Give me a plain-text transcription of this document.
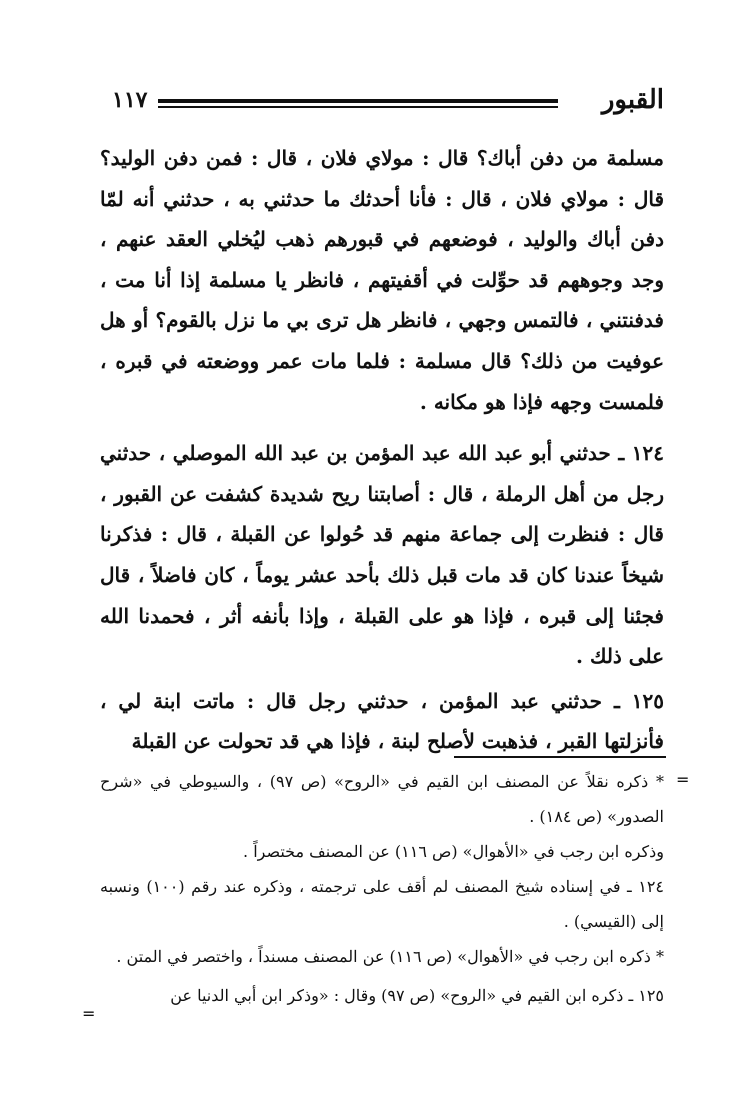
القبور
١١٧

مسلمة من دفن أباك؟ قال : مولاي فلان ، قال : فمن دفن الوليد؟ قال : مولاي فلان ، قال : فأنا أحدثك ما حدثني به ، حدثني أنه لمّا دفن أباك والوليد ، فوضعهم في قبورهم ذهب ليُخلي العقد عنهم ، وجد وجوههم قد حوِّلت في أقفيتهم ، فانظر يا مسلمة إذا أنا مت ، فدفنتني ، فالتمس وجهي ، فانظر هل ترى بي ما نزل بالقوم؟ أو هل عوفيت من ذلك؟ قال مسلمة : فلما مات عمر ووضعته في قبره ، فلمست وجهه فإذا هو مكانه .

١٢٤ ـ حدثني أبو عبد الله عبد المؤمن بن عبد الله الموصلي ، حدثني رجل من أهل الرملة ، قال : أصابتنا ريح شديدة كشفت عن القبور ، قال : فنظرت إلى جماعة منهم قد حُولوا عن القبلة ، قال : فذكرنا شيخاً عندنا كان قد مات قبل ذلك بأحد عشر يوماً ، كان فاضلاً ، قال فجئنا إلى قبره ، فإذا هو على القبلة ، وإذا بأنفه أثر ، فحمدنا الله على ذلك .

١٢٥ ـ حدثني عبد المؤمن ، حدثني رجل قال : ماتت ابنة لي ، فأنزلتها القبر ، فذهبت لأصلح لبنة ، فإذا هي قد تحولت عن القبلة

=

* ذكره نقلاً عن المصنف ابن القيم في «الروح» (ص ٩٧) ، والسيوطي في «شرح الصدور» (ص ١٨٤) .

وذكره ابن رجب في «الأهوال» (ص ١١٦) عن المصنف مختصراً .

١٢٤ ـ في إسناده شيخ المصنف لم أقف على ترجمته ، وذكره عند رقم (١٠٠) ونسبه إلى (القيسي) .

* ذكره ابن رجب في «الأهوال» (ص ١١٦) عن المصنف مسنداً ، واختصر في المتن .

١٢٥ ـ ذكره ابن القيم في «الروح» (ص ٩٧) وقال : «وذكر ابن أبي الدنيا عن

=
